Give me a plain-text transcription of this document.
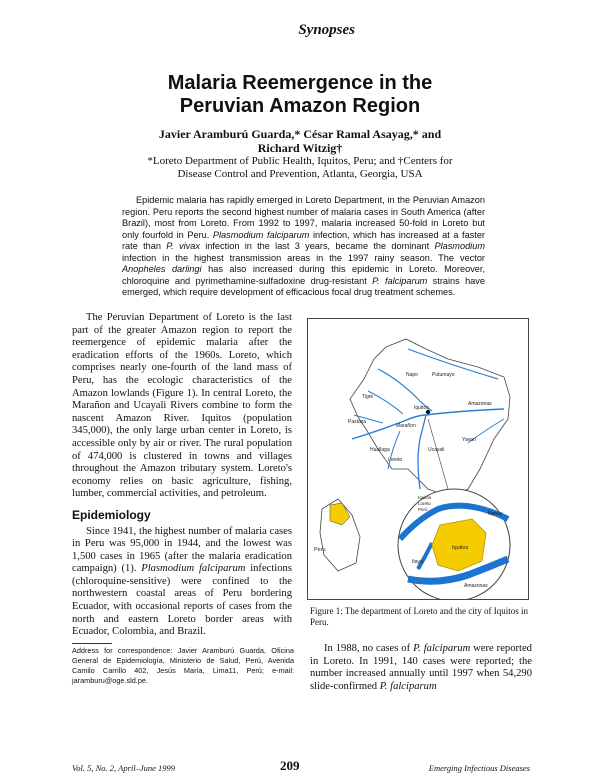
Synopses
Malaria Reemergence in the
Peruvian Amazon Region
Javier Aramburú Guarda,* César Ramal Asayag,* and
Richard Witzig†
*Loreto Department of Public Health, Iquitos, Peru; and †Centers for
Disease Control and Prevention, Atlanta, Georgia, USA
Epidemic malaria has rapidly emerged in Loreto Department, in the Peruvian Amazon region. Peru reports the second highest number of malaria cases in South America (after Brazil), most from Loreto. From 1992 to 1997, malaria increased 50-fold in Loreto but only fourfold in Peru. Plasmodium falciparum infection, which has increased at a faster rate than P. vivax infection in the last 3 years, became the dominant Plasmodium infection in the highest transmission areas in the 1997 rainy season. The vector Anopheles darlingi has also increased during this epidemic in Loreto. Moreover, chloroquine and pyrimethamine-sulfadoxine drug-resistant P. falciparum strains have emerged, which require development of efficacious focal drug treatment schemes.

The Peruvian Department of Loreto is the last part of the greater Amazon region to report the reemergence of epidemic malaria after the eradication efforts of the 1960s. Loreto, which comprises nearly one-fourth of the land mass of Peru, has the ecologic characteristics of the Amazon lowlands (Figure 1). In central Loreto, the Marañon and Ucayali Rivers combine to form the nascent Amazon River. Iquitos (population 345,000), the only large urban center in Loreto, is accessible only by air or river. The rural population of 474,000 is clustered in towns and villages throughout the Amazon tributary system. Loreto's economy relies on basic agriculture, fishing, lumber, commercial activities, and petroleum.

Epidemiology

Since 1941, the highest number of malaria cases in Peru was 95,000 in 1944, and the lowest was 1,500 cases in 1965 (after the malaria eradication campaign) (1). Plasmodium falciparum infections (chloroquine-sensitive) were confined to the northwestern coastal areas of Peru bordering Ecuador, with occasional reports of cases from the north and eastern Loreto border areas with Ecuador, Colombia, and Brazil.

Address for correspondence: Javier Aramburú Guarda, Oficina General de Epidemiología, Ministerio de Salud, Perú, Avenida Camilo Carrillo 402, Jesús María, Lima11, Perú; e-mail: jaramburu@oge.sld.pe.
Napo	Putumayo
Tigre
Amazonas
Marañon
Pastaza
Iquitos
Ucayali
Yavari
Huallaga
Loreto
Peru	Iquitos
Nanay
Itaya
Amazonas
Iquitos
Loreto
Perú
Figure 1: The department of Loreto and the city of Iquitos in Peru.

In 1988, no cases of P. falciparum were reported in Loreto. In 1991, 140 cases were reported; the number increased annually until 1997 when 54,290 slide-confirmed P. falciparum

Vol. 5, No. 2, April–June 1999	209	Emerging Infectious Diseases
